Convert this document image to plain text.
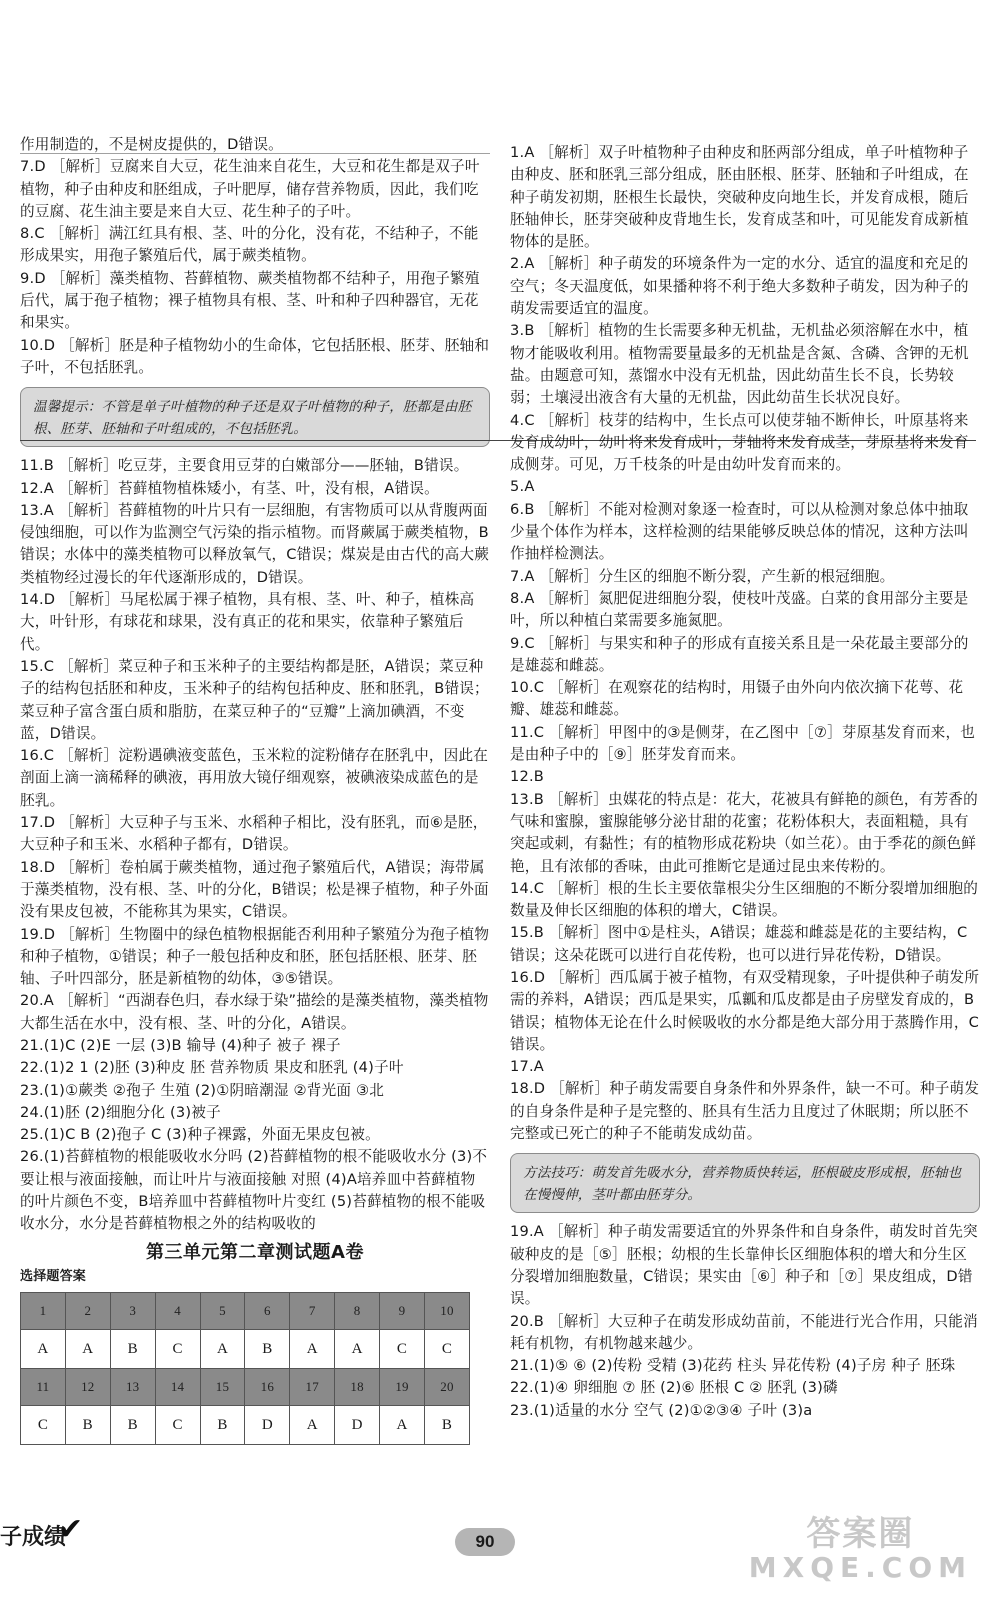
作用制造的，不是树皮提供的，D错误。

7.D ［解析］豆腐来自大豆，花生油来自花生，大豆和花生都是双子叶植物，种子由种皮和胚组成，子叶肥厚，储存营养物质，因此，我们吃的豆腐、花生油主要是来自大豆、花生种子的子叶。

8.C ［解析］满江红具有根、茎、叶的分化，没有花，不结种子，不能形成果实，用孢子繁殖后代，属于蕨类植物。

9.D ［解析］藻类植物、苔藓植物、蕨类植物都不结种子，用孢子繁殖后代，属于孢子植物；裸子植物具有根、茎、叶和种子四种器官，无花和果实。

10.D ［解析］胚是种子植物幼小的生命体，它包括胚根、胚芽、胚轴和子叶，不包括胚乳。

温馨提示：不管是单子叶植物的种子还是双子叶植物的种子，胚都是由胚根、胚芽、胚轴和子叶组成的，不包括胚乳。

11.B ［解析］吃豆芽，主要食用豆芽的白嫩部分——胚轴，B错误。

12.A ［解析］苔藓植物植株矮小，有茎、叶，没有根，A错误。

13.A ［解析］苔藓植物的叶片只有一层细胞，有害物质可以从背腹两面侵蚀细胞，可以作为监测空气污染的指示植物。而肾蕨属于蕨类植物，B错误；水体中的藻类植物可以释放氧气，C错误；煤炭是由古代的高大蕨类植物经过漫长的年代逐渐形成的，D错误。

14.D ［解析］马尾松属于裸子植物，具有根、茎、叶、种子，植株高大，叶针形，有球花和球果，没有真正的花和果实，依靠种子繁殖后代。

15.C ［解析］菜豆种子和玉米种子的主要结构都是胚，A错误；菜豆种子的结构包括胚和种皮，玉米种子的结构包括种皮、胚和胚乳，B错误；菜豆种子富含蛋白质和脂肪，在菜豆种子的“豆瓣”上滴加碘酒，不变蓝，D错误。

16.C ［解析］淀粉遇碘液变蓝色，玉米粒的淀粉储存在胚乳中，因此在剖面上滴一滴稀释的碘液，再用放大镜仔细观察，被碘液染成蓝色的是胚乳。

17.D ［解析］大豆种子与玉米、水稻种子相比，没有胚乳，而⑥是胚，大豆种子和玉米、水稻种子都有，D错误。

18.D ［解析］卷柏属于蕨类植物，通过孢子繁殖后代，A错误；海带属于藻类植物，没有根、茎、叶的分化，B错误；松是裸子植物，种子外面没有果皮包被，不能称其为果实，C错误。

19.D ［解析］生物圈中的绿色植物根据能否利用种子繁殖分为孢子植物和种子植物，①错误；种子一般包括种皮和胚，胚包括胚根、胚芽、胚轴、子叶四部分，胚是新植物的幼体，③⑤错误。

20.A ［解析］“西湖春色归，春水绿于染”描绘的是藻类植物，藻类植物大都生活在水中，没有根、茎、叶的分化，A错误。

21.(1)C (2)E 一层 (3)B 输导 (4)种子 被子 裸子

22.(1)2 1 (2)胚 (3)种皮 胚 营养物质 果皮和胚乳 (4)子叶

23.(1)①蕨类 ②孢子 生殖 (2)①阴暗潮湿 ②背光面 ③北

24.(1)胚 (2)细胞分化 (3)被子

25.(1)C B (2)孢子 C (3)种子裸露，外面无果皮包被。

26.(1)苔藓植物的根能吸收水分吗 (2)苔藓植物的根不能吸收水分 (3)不要让根与液面接触，而让叶片与液面接触 对照 (4)A培养皿中苔藓植物的叶片颜色不变，B培养皿中苔藓植物叶片变红 (5)苔藓植物的根不能吸收水分，水分是苔藓植物根之外的结构吸收的

第三单元第二章测试题A卷
选择题答案
1	2	3	4	5	6	7	8	9	10
A	A	B	C	A	B	A	A	C	C
11	12	13	14	15	16	17	18	19	20
C	B	B	C	B	D	A	D	A	B

1.A ［解析］双子叶植物种子由种皮和胚两部分组成，单子叶植物种子由种皮、胚和胚乳三部分组成，胚由胚根、胚芽、胚轴和子叶组成，在种子萌发初期，胚根生长最快，突破种皮向地生长，并发育成根，随后胚轴伸长，胚芽突破种皮背地生长，发育成茎和叶，可见能发育成新植物体的是胚。

2.A ［解析］种子萌发的环境条件为一定的水分、适宜的温度和充足的空气；冬天温度低，如果播种将不利于绝大多数种子萌发，因为种子的萌发需要适宜的温度。

3.B ［解析］植物的生长需要多种无机盐，无机盐必须溶解在水中，植物才能吸收利用。植物需要量最多的无机盐是含氮、含磷、含钾的无机盐。由题意可知，蒸馏水中没有无机盐，因此幼苗生长不良，长势较弱；土壤浸出液含有大量的无机盐，因此幼苗生长状况良好。

4.C ［解析］枝芽的结构中，生长点可以使芽轴不断伸长，叶原基将来发育成幼叶，幼叶将来发育成叶，芽轴将来发育成茎，芽原基将来发育成侧芽。可见，万千枝条的叶是由幼叶发育而来的。

5.A

6.B ［解析］不能对检测对象逐一检查时，可以从检测对象总体中抽取少量个体作为样本，这样检测的结果能够反映总体的情况，这种方法叫作抽样检测法。

7.A ［解析］分生区的细胞不断分裂，产生新的根冠细胞。

8.A ［解析］氮肥促进细胞分裂，使枝叶茂盛。白菜的食用部分主要是叶，所以种植白菜需要多施氮肥。

9.C ［解析］与果实和种子的形成有直接关系且是一朵花最主要部分的是雄蕊和雌蕊。

10.C ［解析］在观察花的结构时，用镊子由外向内依次摘下花萼、花瓣、雄蕊和雌蕊。

11.C ［解析］甲图中的③是侧芽，在乙图中［⑦］芽原基发育而来，也是由种子中的［⑨］胚芽发育而来。

12.B

13.B ［解析］虫媒花的特点是：花大，花被具有鲜艳的颜色，有芳香的气味和蜜腺，蜜腺能够分泌甘甜的花蜜；花粉体积大，表面粗糙，具有突起或刺，有黏性；有的植物形成花粉块（如兰花）。由于季花的颜色鲜艳，且有浓郁的香味，由此可推断它是通过昆虫来传粉的。

14.C ［解析］根的生长主要依靠根尖分生区细胞的不断分裂增加细胞的数量及伸长区细胞的体积的增大，C错误。

15.B ［解析］图中①是柱头，A错误；雄蕊和雌蕊是花的主要结构，C错误；这朵花既可以进行自花传粉，也可以进行异花传粉，D错误。

16.D ［解析］西瓜属于被子植物，有双受精现象，子叶提供种子萌发所需的养料，A错误；西瓜是果实，瓜瓤和瓜皮都是由子房壁发育成的，B错误；植物体无论在什么时候吸收的水分都是绝大部分用于蒸腾作用，C错误。

17.A

18.D ［解析］种子萌发需要自身条件和外界条件，缺一不可。种子萌发的自身条件是种子是完整的、胚具有生活力且度过了休眠期；所以胚不完整或已死亡的种子不能萌发成幼苗。

方法技巧：萌发首先吸水分，营养物质快转运，胚根破皮形成根，胚轴也在慢慢伸，茎叶都由胚芽分。

19.A ［解析］种子萌发需要适宜的外界条件和自身条件，萌发时首先突破种皮的是［⑤］胚根；幼根的生长靠伸长区细胞体积的增大和分生区分裂增加细胞数量，C错误；果实由［⑥］种子和［⑦］果皮组成，D错误。

20.B ［解析］大豆种子在萌发形成幼苗前，不能进行光合作用，只能消耗有机物，有机物越来越少。

21.(1)⑤ ⑥ (2)传粉 受精 (3)花药 柱头 异花传粉 (4)子房 种子 胚珠

22.(1)④ 卵细胞 ⑦ 胚 (2)⑥ 胚根 C ② 胚乳 (3)磷

23.(1)适量的水分 空气 (2)①②③④ 子叶 (3)a

子成绩
✔	90	答案圈
MXQE.COM
